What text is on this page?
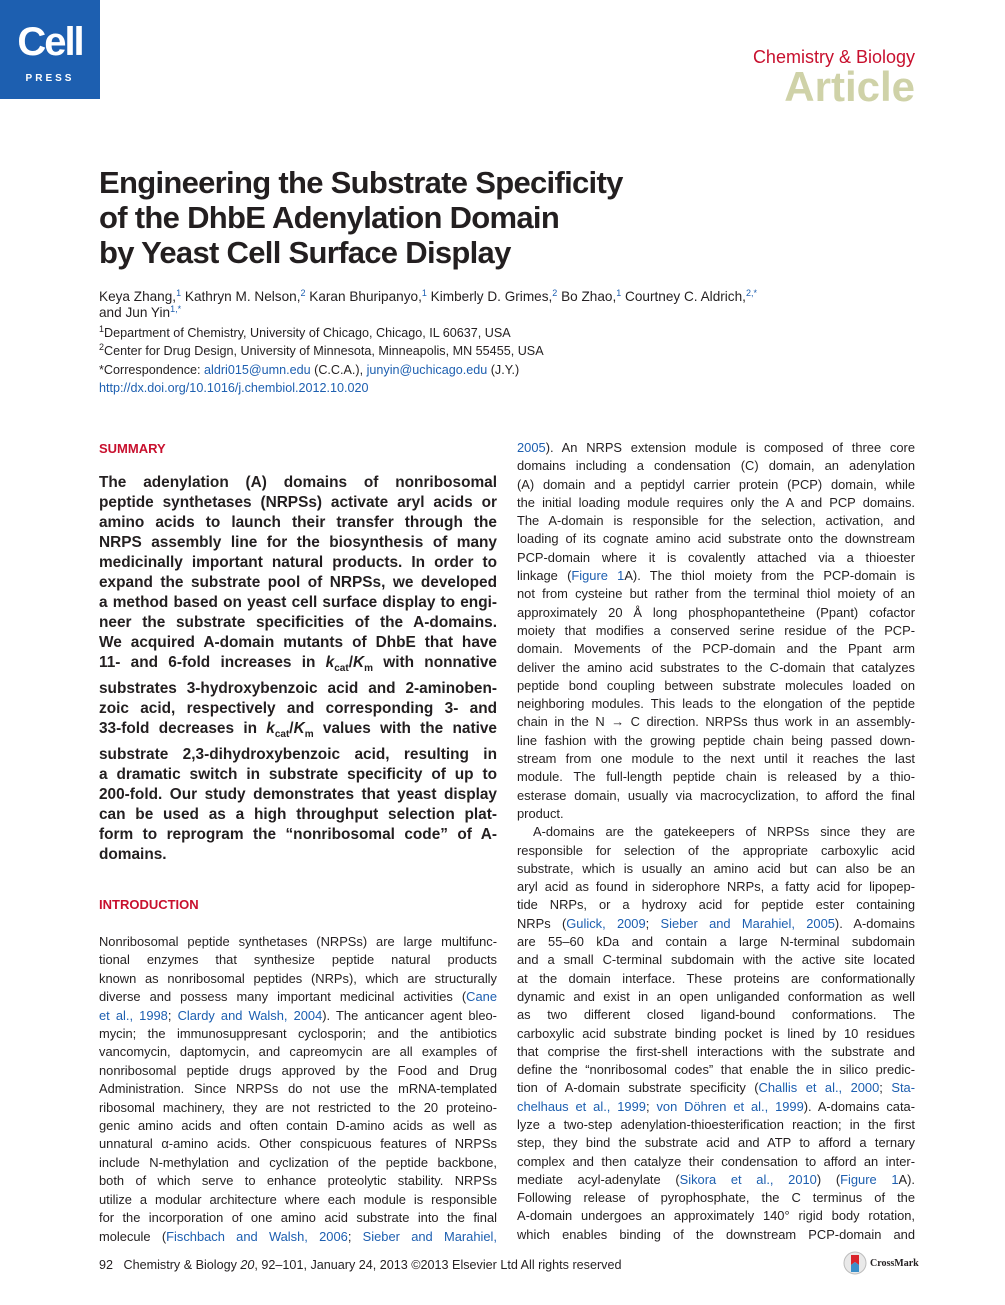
Cell
PRESS
Chemistry & Biology
Article
Engineering the Substrate Specificity
of the DhbE Adenylation Domain
by Yeast Cell Surface Display
Keya Zhang,$^1$ Kathryn M. Nelson,$^2$ Karan Bhuripanyo,$^1$ Kimberly D. Grimes,$^2$ Bo Zhao,$^1$ Courtney C. Aldrich,$^{2,*}$
and Jun Yin$^{1,*}$
$^1$Department of Chemistry, University of Chicago, Chicago, IL 60637, USA
$^2$Center for Drug Design, University of Minnesota, Minneapolis, MN 55455, USA
*Correspondence: aldri015@umn.edu (C.C.A.), junyin@uchicago.edu (J.Y.)
http://dx.doi.org/10.1016/j.chembiol.2012.10.020
SUMMARY
INTRODUCTION
The adenylation (A) domains of nonribosomal
peptide synthetases (NRPSs) activate aryl acids or
amino acids to launch their transfer through the
NRPS assembly line for the biosynthesis of many
medicinally important natural products. In order to
expand the substrate pool of NRPSs, we developed
a method based on yeast cell surface display to engi-
neer the substrate specificities of the A-domains.
We acquired A-domain mutants of DhbE that have
11- and 6-fold increases in $k_{cat}/K_m$ with nonnative
substrates 3-hydroxybenzoic acid and 2-aminoben-
zoic acid, respectively and corresponding 3- and
33-fold decreases in $k_{cat}/K_m$ values with the native
substrate 2,3-dihydroxybenzoic acid, resulting in
a dramatic switch in substrate specificity of up to
200-fold. Our study demonstrates that yeast display
can be used as a high throughput selection plat-
form to reprogram the “nonribosomal code” of A-
domains.
Nonribosomal peptide synthetases (NRPSs) are large multifunc-
tional enzymes that synthesize peptide natural products
known as nonribosomal peptides (NRPs), which are structurally
diverse and possess many important medicinal activities (Cane
et al., 1998; Clardy and Walsh, 2004). The anticancer agent bleo-
mycin; the immunosuppresant cyclosporin; and the antibiotics
vancomycin, daptomycin, and capreomycin are all examples of
nonribosomal peptide drugs approved by the Food and Drug
Administration. Since NRPSs do not use the mRNA-templated
ribosomal machinery, they are not restricted to the 20 proteino-
genic amino acids and often contain D-amino acids as well as
unnatural α-amino acids. Other conspicuous features of NRPSs
include N-methylation and cyclization of the peptide backbone,
both of which serve to enhance proteolytic stability. NRPSs
utilize a modular architecture where each module is responsible
for the incorporation of one amino acid substrate into the final
molecule (Fischbach and Walsh, 2006; Sieber and Marahiel,
2005). An NRPS extension module is composed of three core
domains including a condensation (C) domain, an adenylation
(A) domain and a peptidyl carrier protein (PCP) domain, while
the initial loading module requires only the A and PCP domains.
The A-domain is responsible for the selection, activation, and
loading of its cognate amino acid substrate onto the downstream
PCP-domain where it is covalently attached via a thioester
linkage (Figure 1A). The thiol moiety from the PCP-domain is
not from cysteine but rather from the terminal thiol moiety of an
approximately 20 Å long phosphopantetheine (Ppant) cofactor
moiety that modifies a conserved serine residue of the PCP-
domain. Movements of the PCP-domain and the Ppant arm
deliver the amino acid substrates to the C-domain that catalyzes
peptide bond coupling between substrate molecules loaded on
neighboring modules. This leads to the elongation of the peptide
chain in the N → C direction. NRPSs thus work in an assembly-
line fashion with the growing peptide chain being passed down-
stream from one module to the next until it reaches the last
module. The full-length peptide chain is released by a thio-
esterase domain, usually via macrocyclization, to afford the final
product.
A-domains are the gatekeepers of NRPSs since they are
responsible for selection of the appropriate carboxylic acid
substrate, which is usually an amino acid but can also be an
aryl acid as found in siderophore NRPs, a fatty acid for lipopep-
tide NRPs, or a hydroxy acid for peptide ester containing
NRPs (Gulick, 2009; Sieber and Marahiel, 2005). A-domains
are 55–60 kDa and contain a large N-terminal subdomain
and a small C-terminal subdomain with the active site located
at the domain interface. These proteins are conformationally
dynamic and exist in an open unliganded conformation as well
as two different closed ligand-bound conformations. The
carboxylic acid substrate binding pocket is lined by 10 residues
that comprise the first-shell interactions with the substrate and
define the “nonribosomal codes” that enable the in silico predic-
tion of A-domain substrate specificity (Challis et al., 2000; Sta-
chelhaus et al., 1999; von Döhren et al., 1999). A-domains cata-
lyze a two-step adenylation-thioesterification reaction; in the first
step, they bind the substrate acid and ATP to afford a ternary
complex and then catalyze their condensation to afford an inter-
mediate acyl-adenylate (Sikora et al., 2010) (Figure 1A).
Following release of pyrophosphate, the C terminus of the
A-domain undergoes an approximately 140° rigid body rotation,
which enables binding of the downstream PCP-domain and
92 Chemistry & Biology 20, 92–101, January 24, 2013 ©2013 Elsevier Ltd All rights reserved	CrossMark
